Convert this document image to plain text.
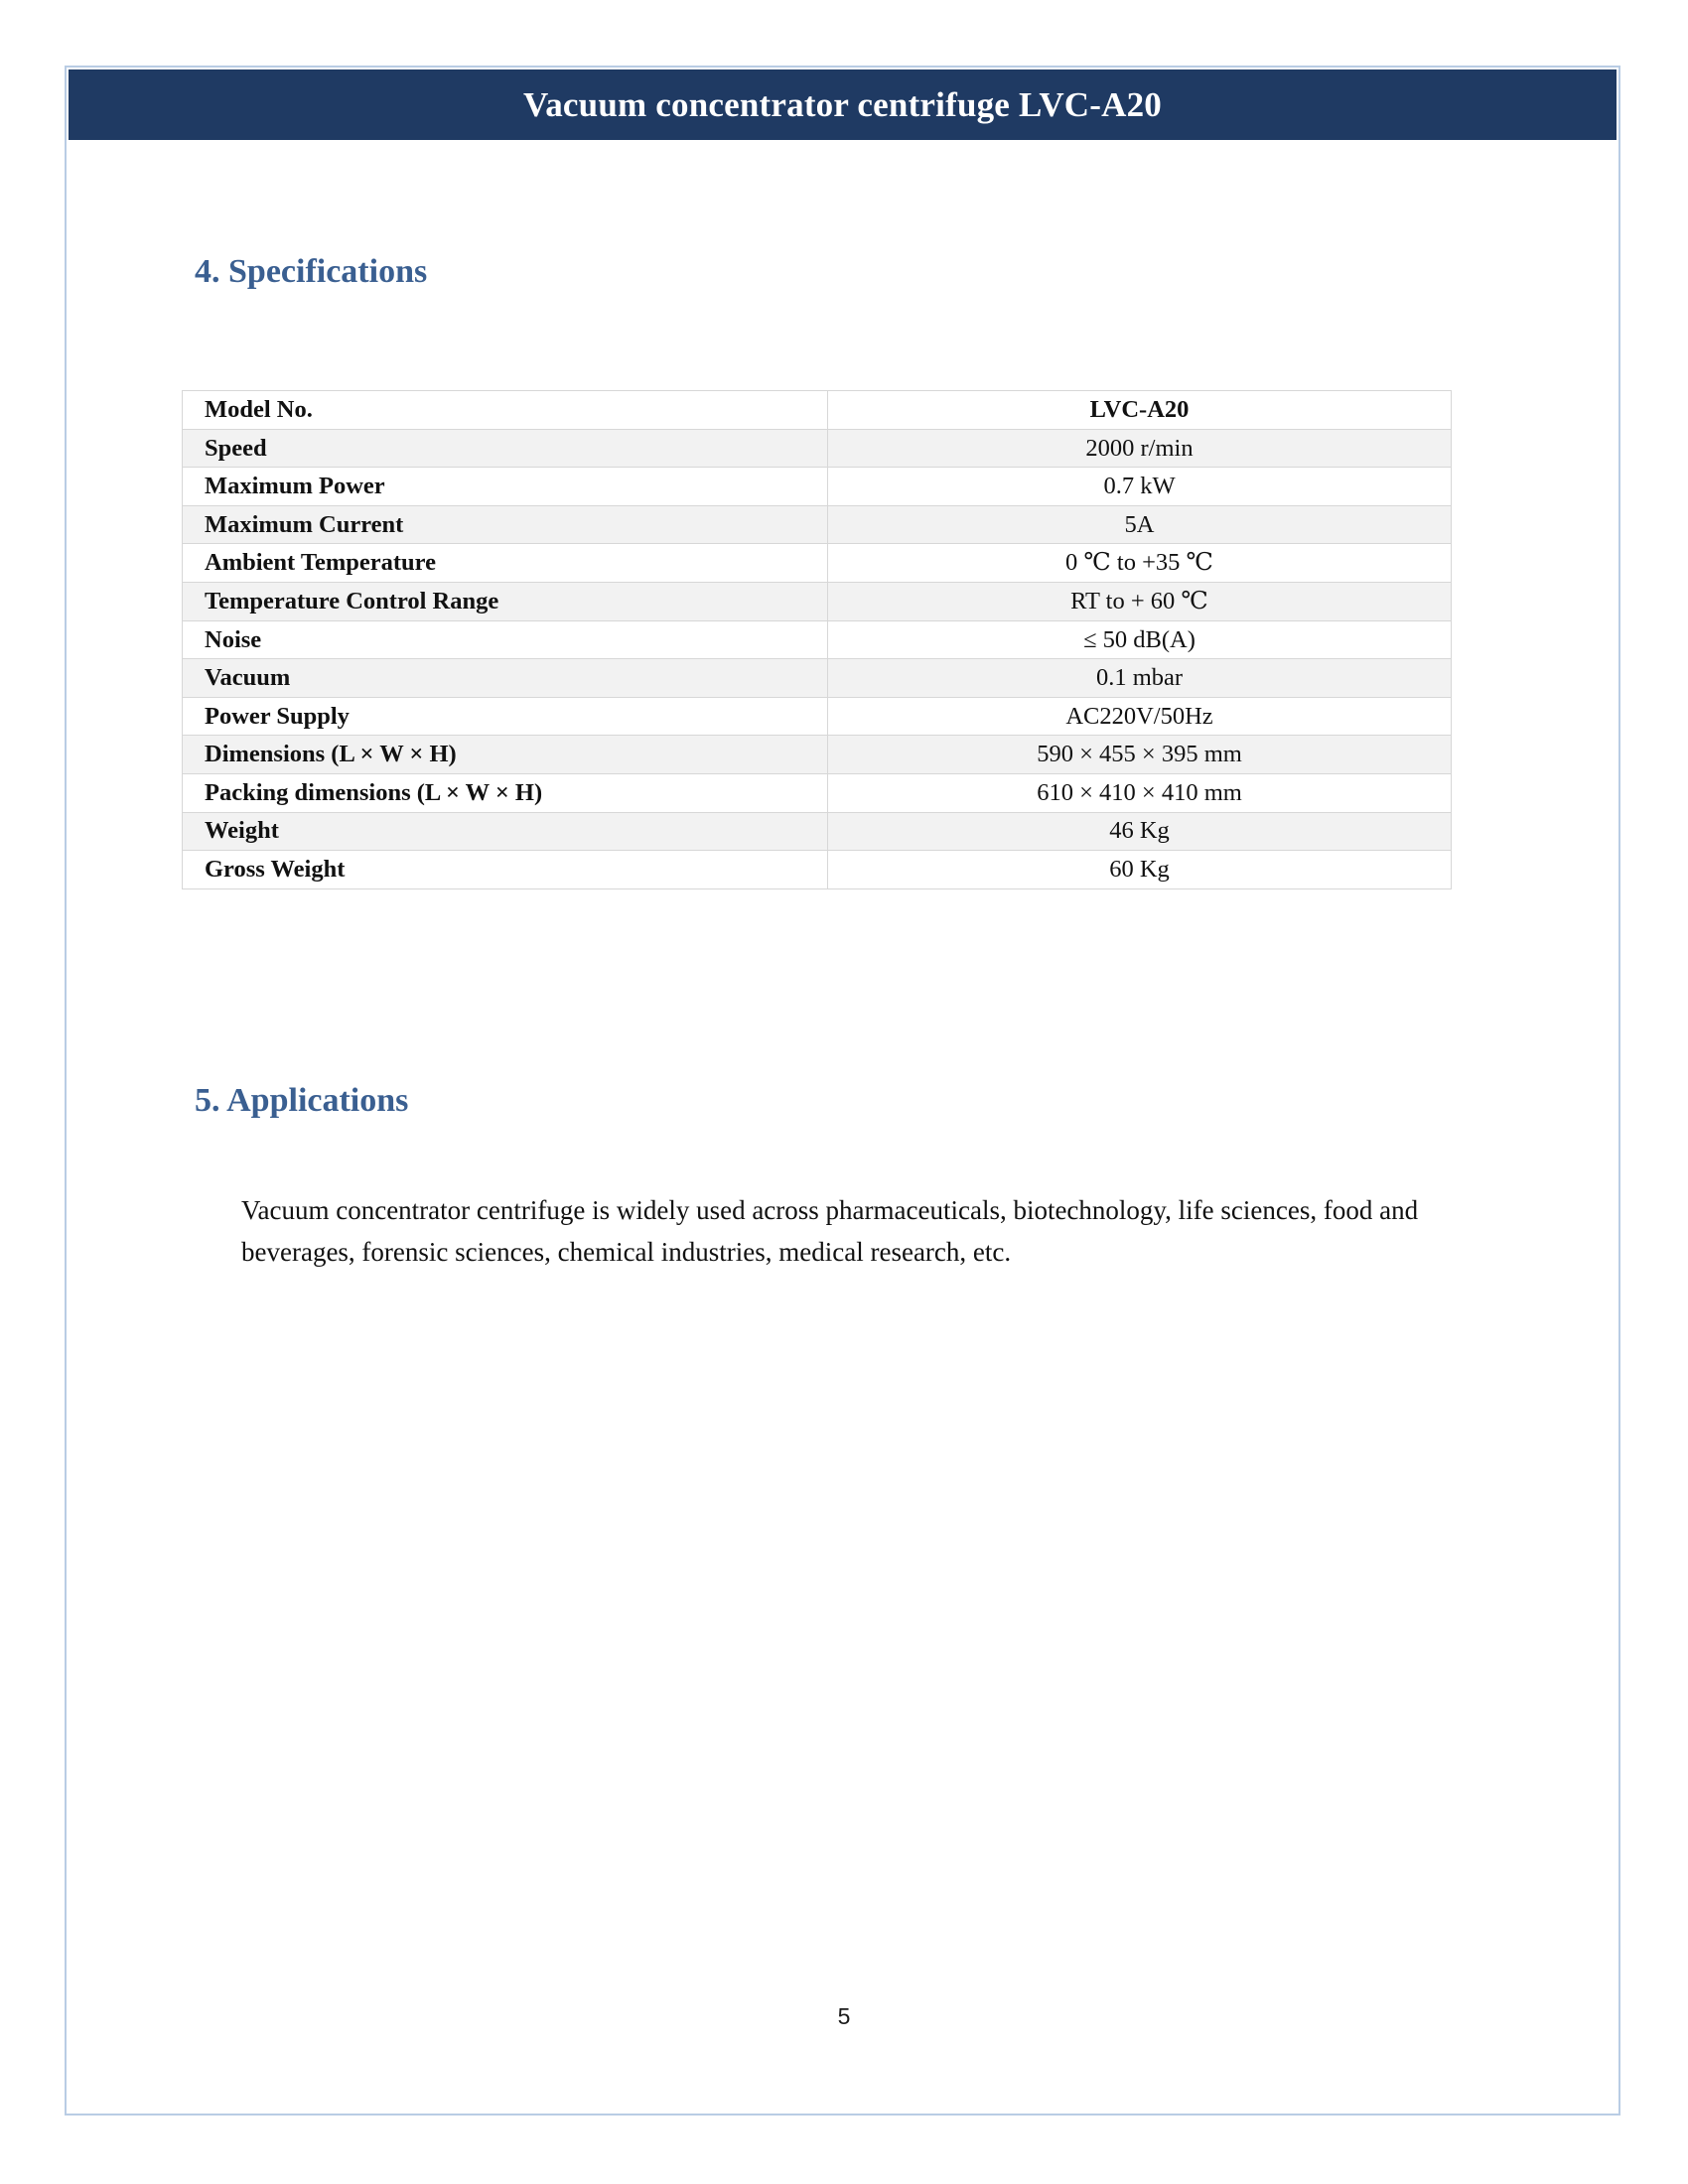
Vacuum concentrator centrifuge LVC-A20
4. Specifications
Model No.	LVC-A20
Speed	2000 r/min
Maximum Power	0.7 kW
Maximum Current	5A
Ambient Temperature	0 ℃ to +35 ℃
Temperature Control Range	RT to + 60 ℃
Noise	≤ 50 dB(A)
Vacuum	0.1 mbar
Power Supply	AC220V/50Hz
Dimensions (L × W × H)	590 × 455 × 395 mm
Packing dimensions (L × W × H)	610 × 410 × 410 mm
Weight	46 Kg
Gross Weight	60 Kg
5. Applications
Vacuum concentrator centrifuge is widely used across pharmaceuticals, biotechnology, life sciences, food and beverages, forensic sciences, chemical industries, medical research, etc.
5
